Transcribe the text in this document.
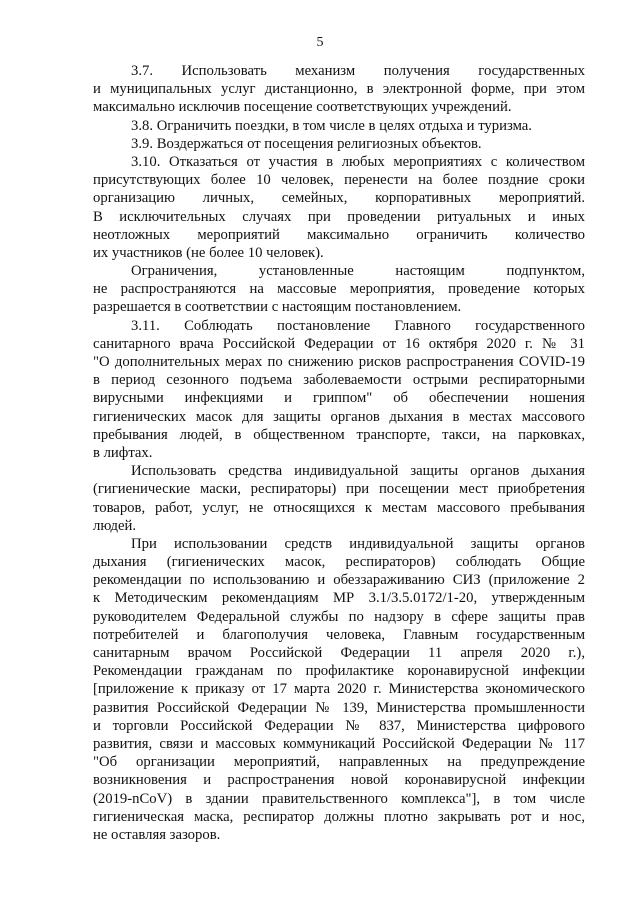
5
3.7. Использовать механизм получения государственных
и муниципальных услуг дистанционно, в электронной форме, при этом
максимально исключив посещение соответствующих учреждений.
3.8. Ограничить поездки, в том числе в целях отдыха и туризма.
3.9. Воздержаться от посещения религиозных объектов.
3.10. Отказаться от участия в любых мероприятиях с количеством
присутствующих более 10 человек, перенести на более поздние сроки
организацию личных, семейных, корпоративных мероприятий.
В исключительных случаях при проведении ритуальных и иных
неотложных мероприятий максимально ограничить количество
их участников (не более 10 человек).
Ограничения, установленные настоящим подпунктом,
не распространяются на массовые мероприятия, проведение которых
разрешается в соответствии с настоящим постановлением.
3.11. Соблюдать постановление Главного государственного
санитарного врача Российской Федерации от 16 октября 2020 г. № 31
"О дополнительных мерах по снижению рисков распространения COVID-19
в период сезонного подъема заболеваемости острыми респираторными
вирусными инфекциями и гриппом" об обеспечении ношения
гигиенических масок для защиты органов дыхания в местах массового
пребывания людей, в общественном транспорте, такси, на парковках,
в лифтах.
Использовать средства индивидуальной защиты органов дыхания
(гигиенические маски, респираторы) при посещении мест приобретения
товаров, работ, услуг, не относящихся к местам массового пребывания
людей.
При использовании средств индивидуальной защиты органов
дыхания (гигиенических масок, респираторов) соблюдать Общие
рекомендации по использованию и обеззараживанию СИЗ (приложение 2
к Методическим рекомендациям МР 3.1/3.5.0172/1-20, утвержденным
руководителем Федеральной службы по надзору в сфере защиты прав
потребителей и благополучия человека, Главным государственным
санитарным врачом Российской Федерации 11 апреля 2020 г.),
Рекомендации гражданам по профилактике коронавирусной инфекции
[приложение к приказу от 17 марта 2020 г. Министерства экономического
развития Российской Федерации № 139, Министерства промышленности
и торговли Российской Федерации № 837, Министерства цифрового
развития, связи и массовых коммуникаций Российской Федерации № 117
"Об организации мероприятий, направленных на предупреждение
возникновения и распространения новой коронавирусной инфекции
(2019-nCoV) в здании правительственного комплекса"], в том числе
гигиеническая маска, респиратор должны плотно закрывать рот и нос,
не оставляя зазоров.
